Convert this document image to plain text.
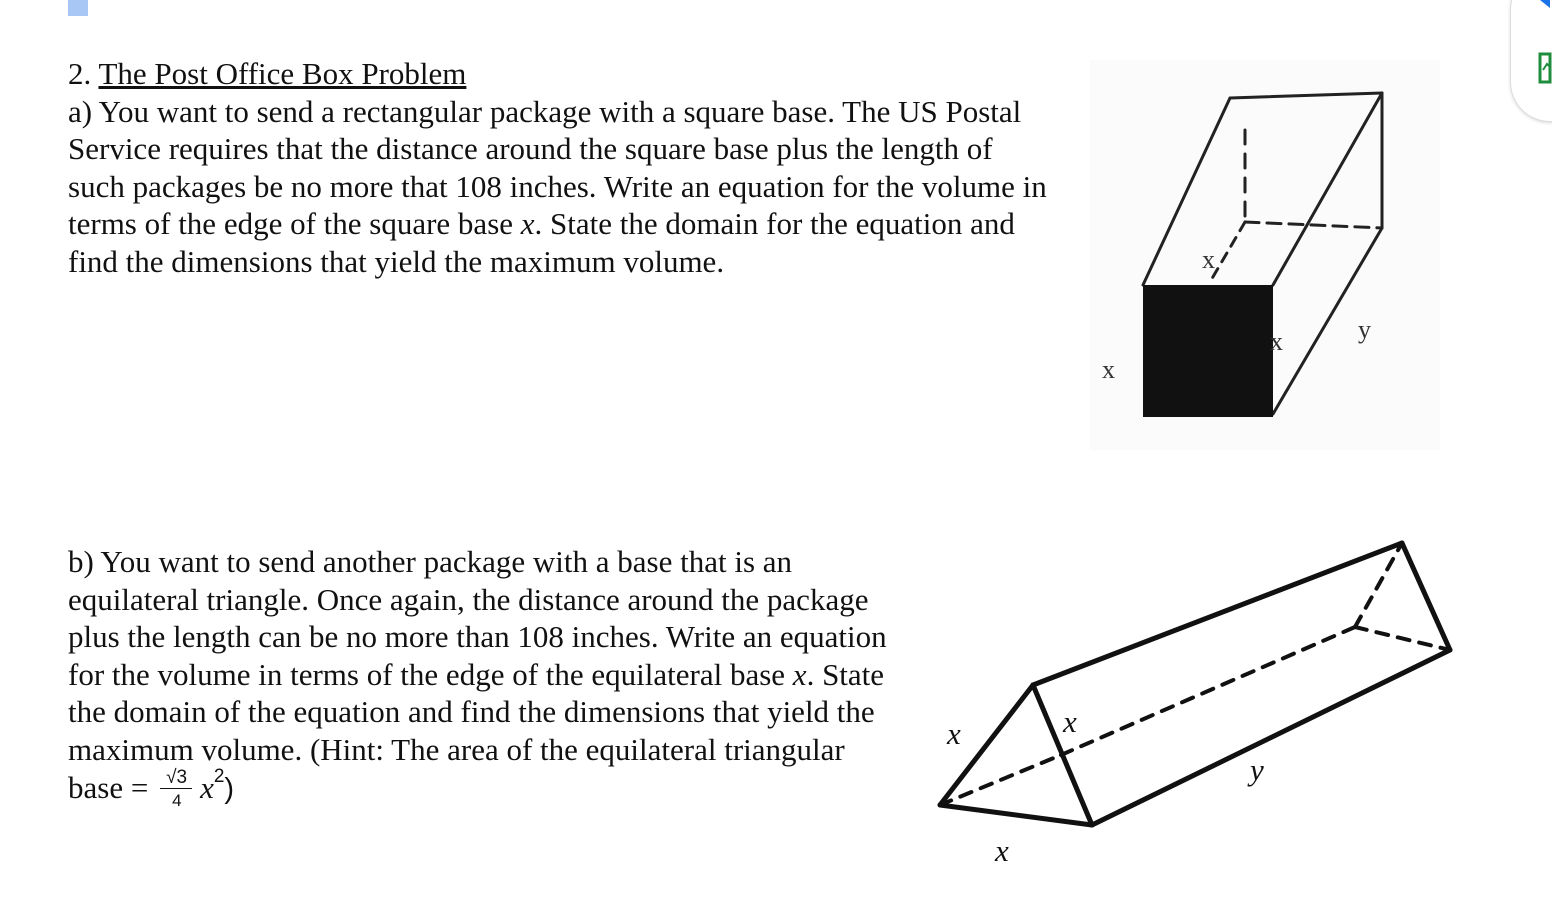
2. The Post Office Box Problem
a) You want to send a rectangular package with a square base. The US Postal Service requires that the distance around the square base plus the length of such packages be no more that 108 inches. Write an equation for the volume in terms of the edge of the square base x. State the domain for the equation and find the dimensions that yield the maximum volume.

b) You want to send another package with a base that is an equilateral triangle. Once again, the distance around the package plus the length can be no more than 108 inches. Write an equation for the volume in terms of the edge of the equilateral base x. State the domain of the equation and find the dimensions that yield the maximum volume. (Hint: The area of the equilateral triangular base = $\frac{√3}{4} x^2$)

x
x
x	y
x	x
x
y
